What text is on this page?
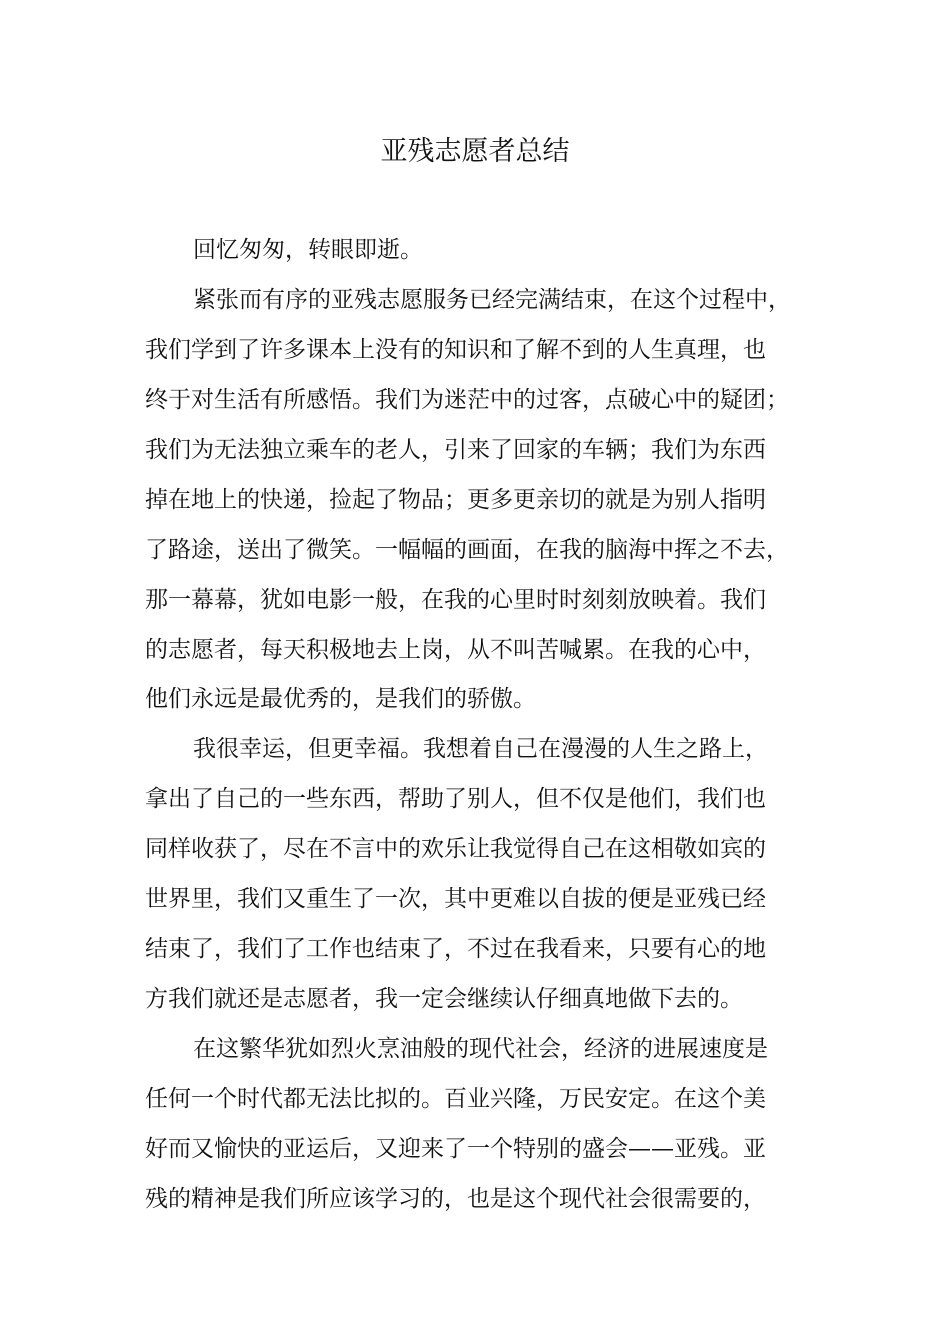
亚残志愿者总结
回忆匆匆，转眼即逝。
紧张而有序的亚残志愿服务已经完满结束，在这个过程中，
我们学到了许多课本上没有的知识和了解不到的人生真理，也
终于对生活有所感悟。我们为迷茫中的过客，点破心中的疑团；
我们为无法独立乘车的老人，引来了回家的车辆；我们为东西
掉在地上的快递，捡起了物品；更多更亲切的就是为别人指明
了路途，送出了微笑。一幅幅的画面，在我的脑海中挥之不去，
那一幕幕，犹如电影一般，在我的心里时时刻刻放映着。我们
的志愿者，每天积极地去上岗，从不叫苦喊累。在我的心中，
他们永远是最优秀的，是我们的骄傲。
我很幸运，但更幸福。我想着自己在漫漫的人生之路上，
拿出了自己的一些东西，帮助了别人，但不仅是他们，我们也
同样收获了，尽在不言中的欢乐让我觉得自己在这相敬如宾的
世界里，我们又重生了一次，其中更难以自拔的便是亚残已经
结束了，我们了工作也结束了，不过在我看来，只要有心的地
方我们就还是志愿者，我一定会继续认仔细真地做下去的。
在这繁华犹如烈火烹油般的现代社会，经济的进展速度是
任何一个时代都无法比拟的。百业兴隆，万民安定。在这个美
好而又愉快的亚运后，又迎来了一个特别的盛会——亚残。亚
残的精神是我们所应该学习的，也是这个现代社会很需要的，
